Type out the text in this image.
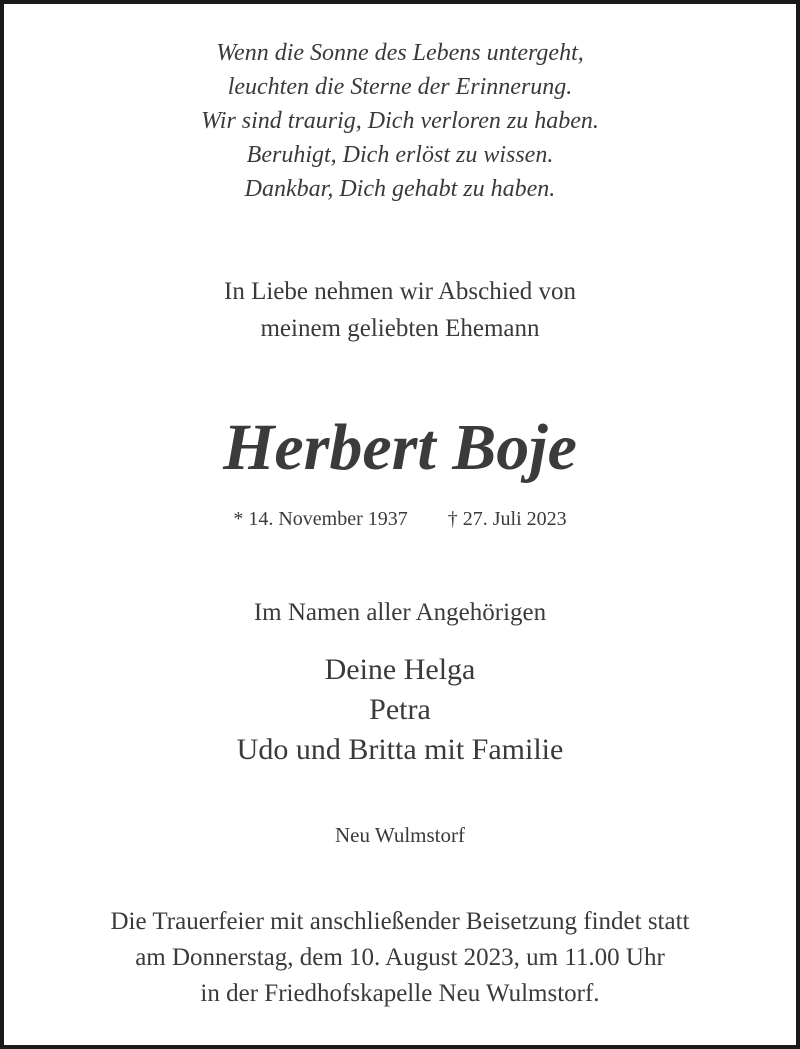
Wenn die Sonne des Lebens untergeht,
leuchten die Sterne der Erinnerung.
Wir sind traurig, Dich verloren zu haben.
Beruhigt, Dich erlöst zu wissen.
Dankbar, Dich gehabt zu haben.
In Liebe nehmen wir Abschied von
meinem geliebten Ehemann
Herbert Boje
* 14. November 1937 † 27. Juli 2023
Im Namen aller Angehörigen
Deine Helga
Petra
Udo und Britta mit Familie
Neu Wulmstorf
Die Trauerfeier mit anschließender Beisetzung findet statt
am Donnerstag, dem 10. August 2023, um 11.00 Uhr
in der Friedhofskapelle Neu Wulmstorf.
